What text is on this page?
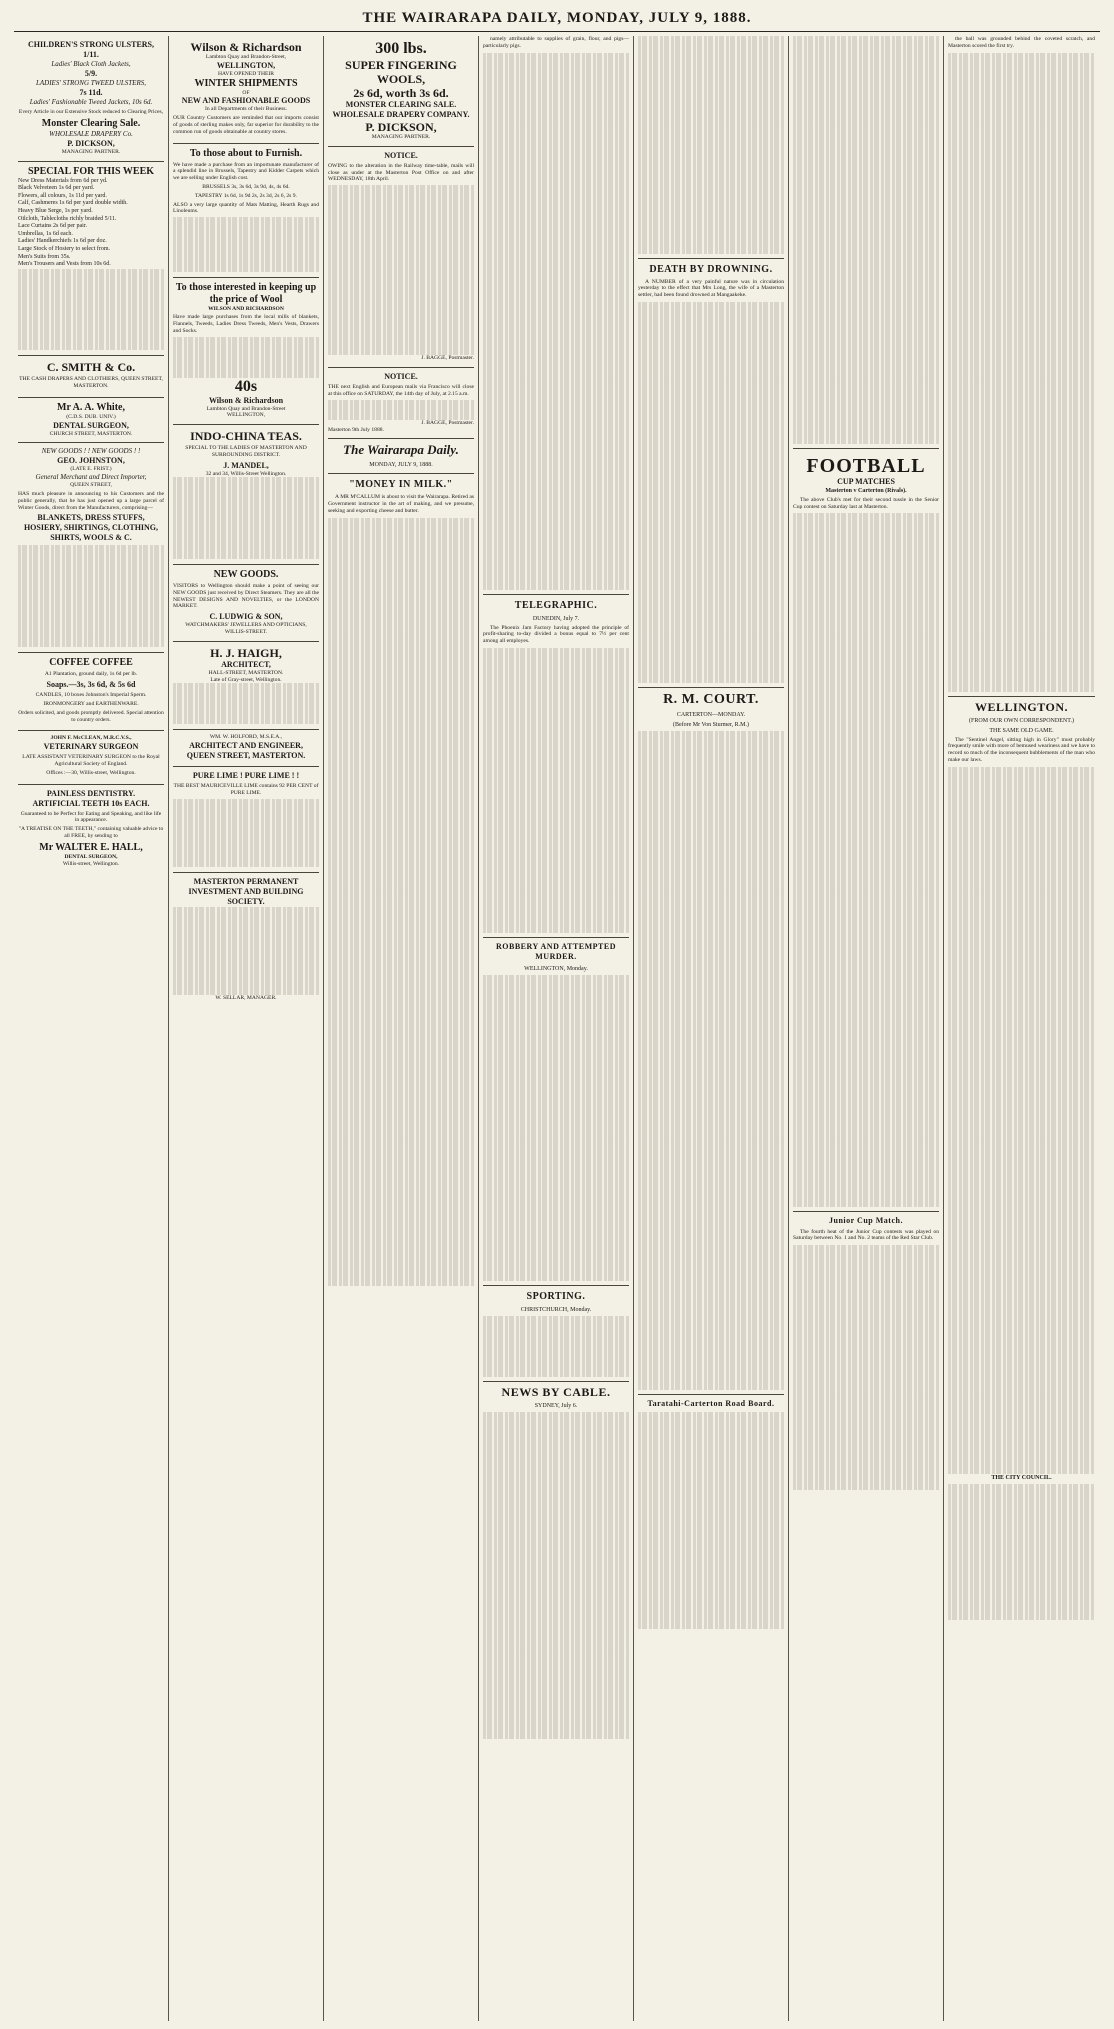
THE WAIRARAPA DAILY, MONDAY, JULY 9, 1888.
CHILDREN'S STRONG ULSTERS,
1/11.
Ladies' Black Cloth Jackets,
5/9.
LADIES' STRONG TWEED ULSTERS,
7s 11d.
Ladies' Fashionable Tweed Jackets, 10s 6d.

Every Article in our Extensive Stock reduced to Clearing Prices,

Monster Clearing Sale.
WHOLESALE DRAPERY Co.
P. DICKSON,
MANAGING PARTNER.
SPECIAL FOR THIS WEEK
New Dress Materials from 6d per yd.
Black Velveteen 1s 6d per yard.
Flowers, all colours, 1s 11d per yard.
Calf, Cashmeres 1s 6d per yard double width.
Heavy Blue Serge, 1s per yard.
Oilcloth, Tablecloths richly braided 5/11.
Lace Curtains 2s 6d per pair.
Umbrellas, 1s 6d each.
Ladies' Handkerchiefs 1s 6d per doz.
Large Stock of Hosiery to select from.
Men's Suits from 35s.
Men's Trousers and Vests from 10s 6d.
C. SMITH & Co.

THE CASH DRAPERS AND CLOTHIERS, QUEEN STREET, MASTERTON.

Mr A. A. White,
(C.D.S. DUB. UNIV.)
DENTAL SURGEON,
CHURCH STREET, MASTERTON.
NEW GOODS ! ! NEW GOODS ! !
GEO. JOHNSTON,
(LATE E. FRIST.)
General Merchant and Direct Importer,
QUEEN STREET,

HAS much pleasure in announcing to his Customers and the public generally, that he has just opened up a large parcel of Winter Goods, direct from the Manufacturers, comprising—

BLANKETS, DRESS STUFFS, HOSIERY, SHIRTINGS, CLOTHING, SHIRTS, WOOLS & C.

COFFEE COFFEE

A1 Plantation, ground daily, 1s 6d per lb.

Soaps.—3s, 3s 6d, & 5s 6d

CANDLES, 10 boxes Johnston's Imperial Sperm.

IRONMONGERY and EARTHENWARE.

Orders solicited, and goods promptly delivered. Special attention to country orders.

JOHN F. McCLEAN, M.R.C.V.S.,
VETERINARY SURGEON

LATE ASSISTANT VETERINARY SURGEON to the Royal Agricultural Society of England.

Offices :—30, Willis-street, Wellington.

PAINLESS DENTISTRY.
ARTIFICIAL TEETH 10s EACH.

Guaranteed to be Perfect for Eating and Speaking, and like life in appearance.

"A TREATISE ON THE TEETH," containing valuable advice to all FREE, by sending to

Mr WALTER E. HALL,
DENTAL SURGEON,
Willis-street, Wellington.
Wilson & Richardson
Lambton Quay and Brandon-Street,
WELLINGTON,
HAVE OPENED THEIR
WINTER SHIPMENTS
OF
NEW AND FASHIONABLE GOODS
In all Departments of their Business.

OUR Country Customers are reminded that our imports consist of goods of sterling makes only, far superior for durability to the common run of goods obtainable at country stores.

To those about to Furnish.

We have made a purchase from an importunate manufacturer of a splendid line in Brussels, Tapestry and Kidder Carpets which we are selling under English cost.

BRUSSELS 3s, 3s 6d, 3s 9d, 4s, 4s 6d.

TAPESTRY 1s 6d, 1s 9d 2s, 2s 3d, 2s 6, 2s 9.

ALSO a very large quantity of Mats Matting, Hearth Rugs and Linoleums.

To those interested in keeping up the price of Wool
WILSON AND RICHARDSON

Have made large purchases from the local mills of blankets, Flannels, Tweeds, Ladies Dress Tweeds, Men's Vests, Drawers and Socks.

40s
Wilson & Richardson
Lambton Quay and Brandon-Street
WELLINGTON,
INDO-CHINA TEAS.

SPECIAL TO THE LADIES OF MASTERTON AND SURROUNDING DISTRICT.

J. MANDEL,
32 and 34, Willis-Street Wellington.
NEW GOODS.

VISITORS to Wellington should make a point of seeing our NEW GOODS just received by Direct Steamers. They are all the NEWEST DESIGNS AND NOVELTIES, or the LONDON MARKET.

C. LUDWIG & SON,
WATCHMAKERS' JEWELLERS AND OPTICIANS,
WILLIS-STREET.
H. J. HAIGH,
ARCHITECT,
HALL-STREET, MASTERTON.
Late of Gray-street, Wellington.
WM. W. HOLFORD, M.S.E.A.,
ARCHITECT AND ENGINEER,
QUEEN STREET, MASTERTON.
PURE LIME ! PURE LIME ! !

THE BEST MAURICEVILLE LIME contains 92 PER CENT of PURE LIME.

MASTERTON PERMANENT INVESTMENT AND BUILDING SOCIETY.
W. SELLAR, MANAGER.
300 lbs.
SUPER FINGERING WOOLS,
2s 6d, worth 3s 6d.
MONSTER CLEARING SALE.
WHOLESALE DRAPERY COMPANY.
P. DICKSON,
MANAGING PARTNER.
NOTICE.

OWING to the alteration in the Railway time-table, mails will close as under at the Masterton Post Office on and after WEDNESDAY, 18th April.

J. BAGGE, Postmaster.
NOTICE.

THE next English and European mails via Francisco will close at this office on SATURDAY, the 14th day of July, at 2.15 a.m.

J. BAGGE, Postmaster.
Masterton 9th July 1888.
The Wairarapa Daily.
MONDAY, JULY 9, 1888.
"MONEY IN MILK."

A MR M'CALLUM is about to visit the Wairarapa. Retired as Government instructor in the art of making, and we presume, seeking and exporting cheese and butter.

namely attributable to supplies of grain, flour, and pigs—particularly pigs.

TELEGRAPHIC.
DUNEDIN, July 7.

The Phoenix Jam Factory having adopted the principle of profit-sharing to-day divided a bonus equal to 7½ per cent among all employes.

ROBBERY AND ATTEMPTED MURDER.
WELLINGTON, Monday.
SPORTING.
CHRISTCHURCH, Monday.
NEWS BY CABLE.
SYDNEY, July 6.
DEATH BY DROWNING.

A NUMBER of a very painful nature was in circulation yesterday to the effect that Mrs Long, the wife of a Masterton settler, had been found drowned at Mangaakeke.

R. M. COURT.
CARTERTON—MONDAY.
(Before Mr Von Sturmer, R.M.)
Taratahi-Carterton Road Board.
FOOTBALL
CUP MATCHES
Masterton v Carterton (Rivals).

The above Club's met for their second tussle in the Senior Cup contest on Saturday last at Masterton.

Junior Cup Match.

The fourth heat of the Junior Cup contests was played on Saturday between No. 1 and No. 2 teams of the Red Star Club.

the ball was grounded behind the coveted scratch, and Masterton scored the first try.

WELLINGTON.
(FROM OUR OWN CORRESPONDENT.)
THE SAME OLD GAME.

The "Sentinel Angel, sitting high in Glory" must probably frequently smile with more of bemused weariness and we have to record so much of the inconsequent bubblements of the man who make our laws.

THE CITY COUNCIL.
